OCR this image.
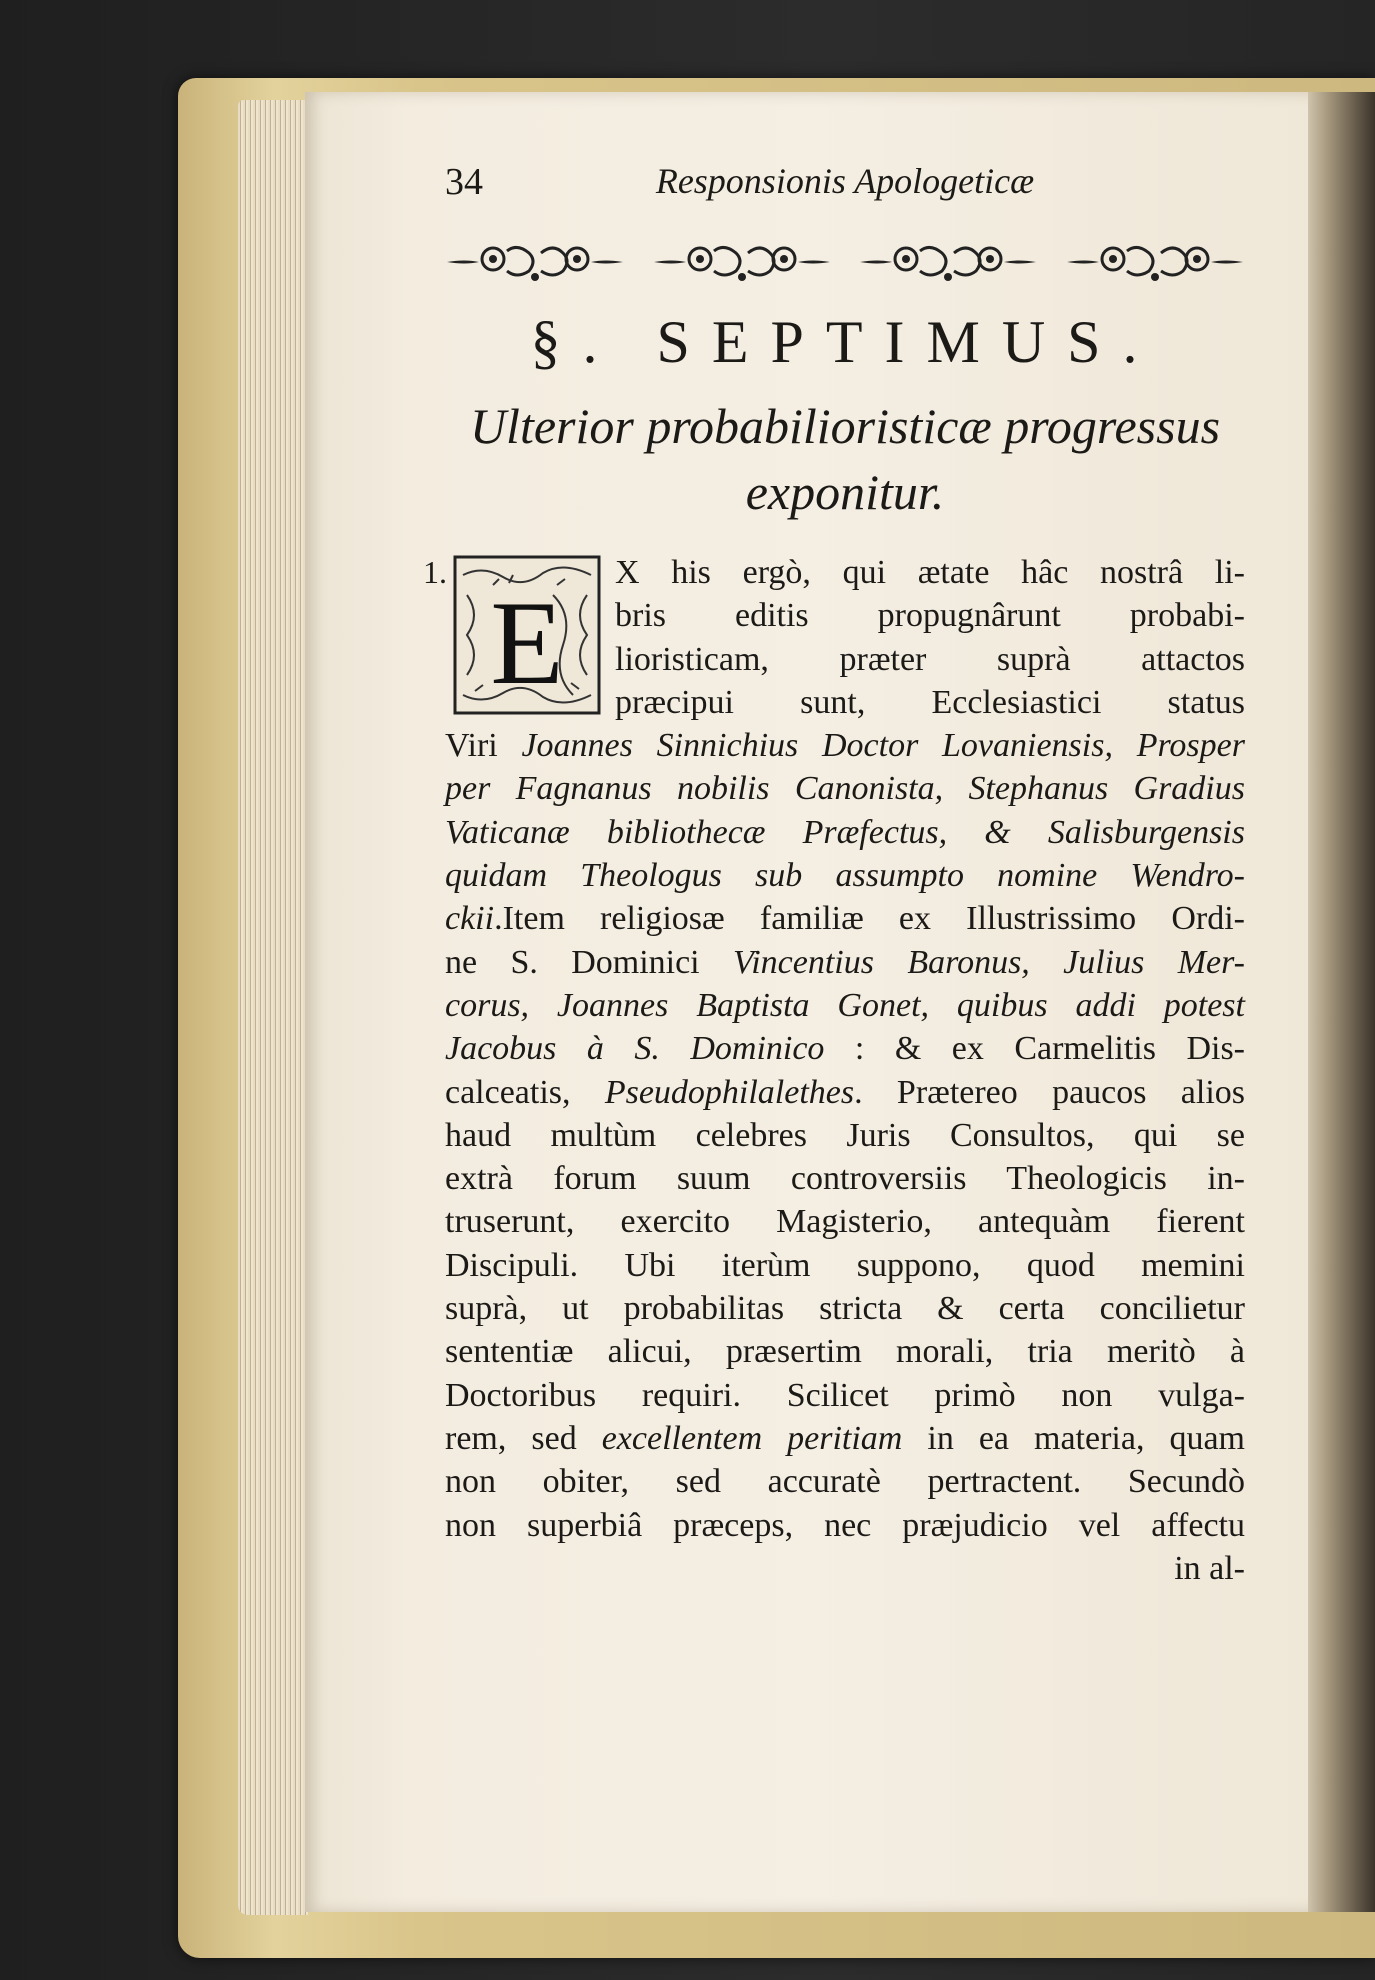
34	Responsionis Apologeticæ
§. SEPTIMUS.
Ulterior probabilioristicæ progressus
exponitur.
1.
E
X his ergò, qui ætate hâc nostrâ li-
bris editis propugnârunt probabi-
lioristicam, præter suprà attactos
præcipui sunt, Ecclesiastici status
Viri Joannes Sinnichius Doctor Lovaniensis, Prosper
per Fagnanus nobilis Canonista, Stephanus Gradius
Vaticanæ bibliothecæ Præfectus, & Salisburgensis
quidam Theologus sub assumpto nomine Wendro-
ckii.Item religiosæ familiæ ex Illustrissimo Ordi-
ne S. Dominici Vincentius Baronus, Julius Mer-
corus, Joannes Baptista Gonet, quibus addi potest
Jacobus à S. Dominico : & ex Carmelitis Dis-
calceatis, Pseudophilalethes. Prætereo paucos alios
haud multùm celebres Juris Consultos, qui se
extrà forum suum controversiis Theologicis in-
truserunt, exercito Magisterio, antequàm fierent
Discipuli. Ubi iterùm suppono, quod memini
suprà, ut probabilitas stricta & certa concilietur
sententiæ alicui, præsertim morali, tria meritò à
Doctoribus requiri. Scilicet primò non vulga-
rem, sed excellentem peritiam in ea materia, quam
non obiter, sed accuratè pertractent. Secundò
non superbiâ præceps, nec præjudicio vel affectu
in al-
